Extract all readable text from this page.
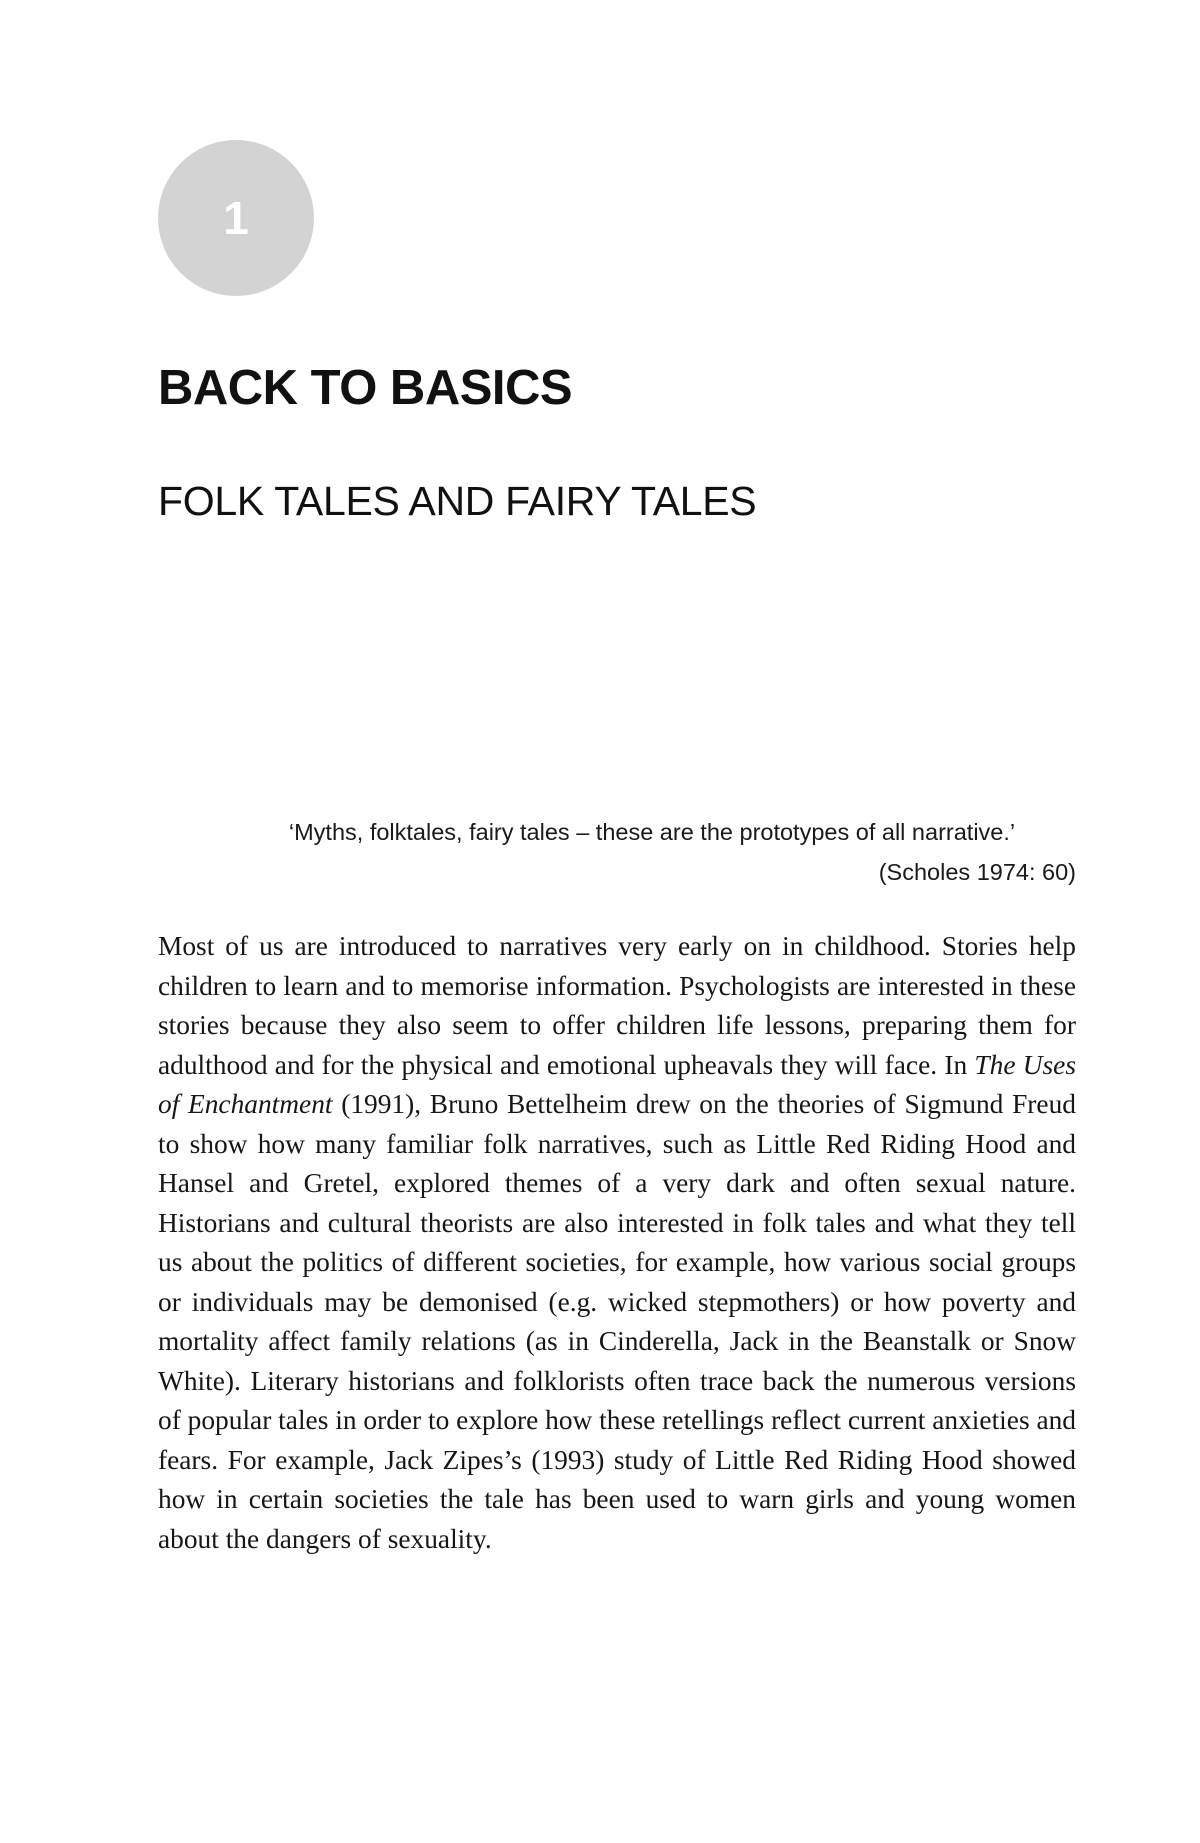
1
BACK TO BASICS
FOLK TALES AND FAIRY TALES
‘Myths, folktales, fairy tales – these are the prototypes of all narrative.’
(Scholes 1974: 60)

Most of us are introduced to narratives very early on in childhood. Stories help children to learn and to memorise information. Psychologists are interested in these stories because they also seem to offer children life lessons, preparing them for adulthood and for the physical and emotional upheavals they will face. In The Uses of Enchantment (1991), Bruno Bettelheim drew on the theories of Sigmund Freud to show how many familiar folk narratives, such as Little Red Riding Hood and Hansel and Gretel, explored themes of a very dark and often sexual nature. Historians and cultural theorists are also interested in folk tales and what they tell us about the politics of different societies, for example, how various social groups or individuals may be demonised (e.g. wicked stepmothers) or how poverty and mortality affect family relations (as in Cinderella, Jack in the Beanstalk or Snow White). Literary historians and folklorists often trace back the numerous versions of popular tales in order to explore how these retellings reflect current anxieties and fears. For example, Jack Zipes’s (1993) study of Little Red Riding Hood showed how in certain societies the tale has been used to warn girls and young women about the dangers of sexuality.
